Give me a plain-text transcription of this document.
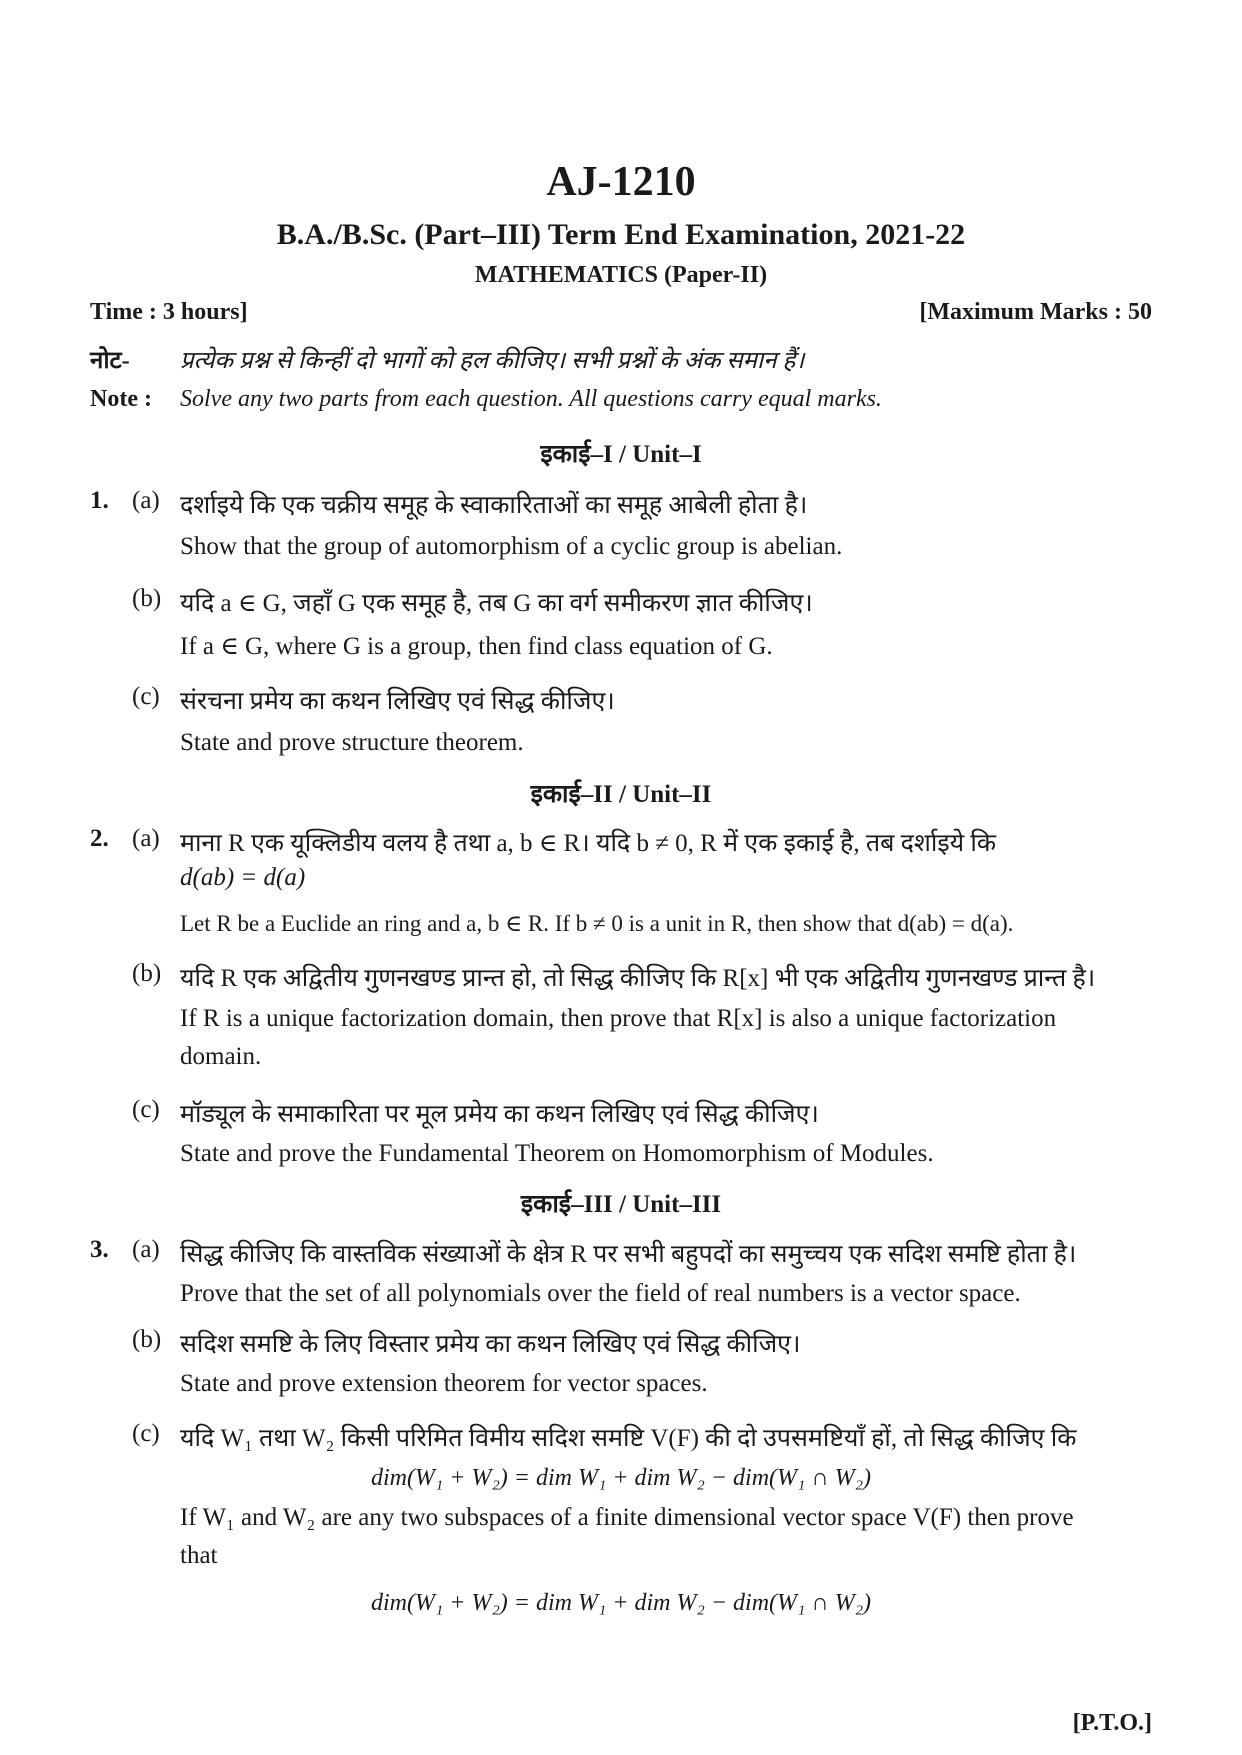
AJ-1210
B.A./B.Sc. (Part–III) Term End Examination, 2021-22
MATHEMATICS (Paper-II)
Time : 3 hours]	[Maximum Marks : 50
नोट- प्रत्येक प्रश्न से किन्हीं दो भागों को हल कीजिए। सभी प्रश्नों के अंक समान हैं।
Note : Solve any two parts from each question. All questions carry equal marks.
इकाई–I / Unit–I
1. (a) दर्शाइये कि एक चक्रीय समूह के स्वाकारिताओं का समूह आबेली होता है।
Show that the group of automorphism of a cyclic group is abelian.
(b) यदि a ∈ G, जहाँ G एक समूह है, तब G का वर्ग समीकरण ज्ञात कीजिए।
If a ∈ G, where G is a group, then find class equation of G.
(c) संरचना प्रमेय का कथन लिखिए एवं सिद्ध कीजिए।
State and prove structure theorem.
इकाई–II / Unit–II
2. (a) माना R एक यूक्लिडीय वलय है तथा a, b ∈ R। यदि b ≠ 0, R में एक इकाई है, तब दर्शाइये कि
d(ab) = d(a)
Let R be a Euclide an ring and a, b ∈ R. If b ≠ 0 is a unit in R, then show that d(ab) = d(a).
(b) यदि R एक अद्वितीय गुणनखण्ड प्रान्त हो, तो सिद्ध कीजिए कि R[x] भी एक अद्वितीय गुणनखण्ड प्रान्त है।
If R is a unique factorization domain, then prove that R[x] is also a unique factorization
domain.
(c) मॉड्यूल के समाकारिता पर मूल प्रमेय का कथन लिखिए एवं सिद्ध कीजिए।
State and prove the Fundamental Theorem on Homomorphism of Modules.
इकाई–III / Unit–III
3. (a) सिद्ध कीजिए कि वास्तविक संख्याओं के क्षेत्र R पर सभी बहुपदों का समुच्चय एक सदिश समष्टि होता है।
Prove that the set of all polynomials over the field of real numbers is a vector space.
(b) सदिश समष्टि के लिए विस्तार प्रमेय का कथन लिखिए एवं सिद्ध कीजिए।
State and prove extension theorem for vector spaces.
(c) यदि W₁ तथा W₂ किसी परिमित विमीय सदिश समष्टि V(F) की दो उपसमष्टियाँ हों, तो सिद्ध कीजिए कि
dim(W₁ + W₂) = dim W₁ + dim W₂ − dim(W₁ ∩ W₂)
If W₁ and W₂ are any two subspaces of a finite dimensional vector space V(F) then prove
that
dim(W₁ + W₂) = dim W₁ + dim W₂ − dim(W₁ ∩ W₂)
[P.T.O.]
